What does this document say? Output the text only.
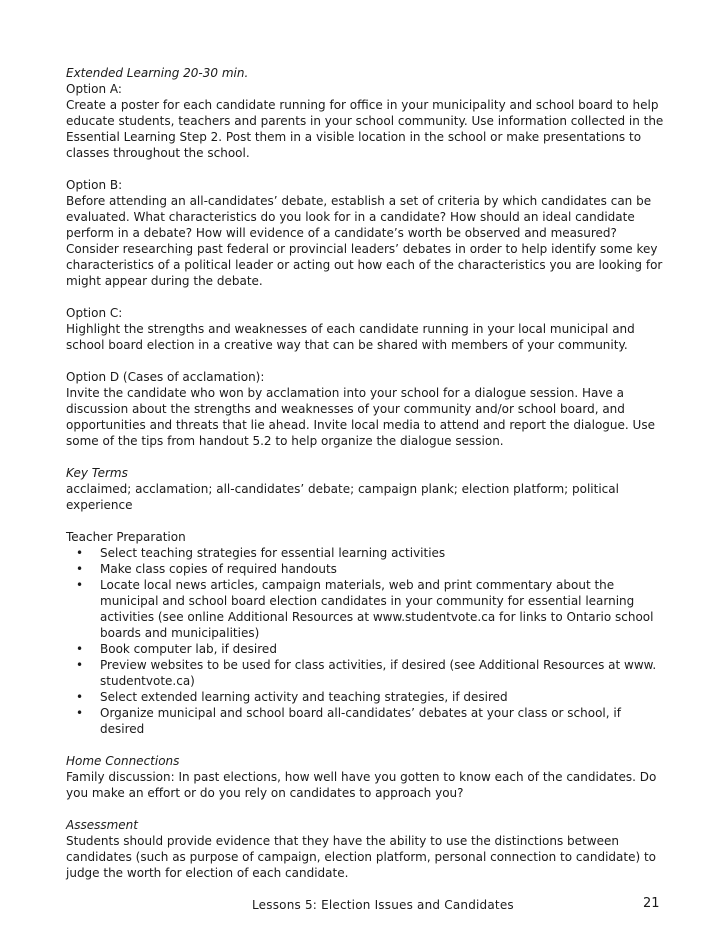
Extended Learning 20-30 min.

Option A:

Create a poster for each candidate running for office in your municipality and school board to help educate students, teachers and parents in your school community. Use information collected in the Essential Learning Step 2. Post them in a visible location in the school or make presentations to classes throughout the school.

Option B:

Before attending an all-candidates’ debate, establish a set of criteria by which candidates can be evaluated. What characteristics do you look for in a candidate? How should an ideal candidate perform in a debate? How will evidence of a candidate’s worth be observed and measured? Consider researching past federal or provincial leaders’ debates in order to help identify some key characteristics of a political leader or acting out how each of the characteristics you are looking for might appear during the debate.

Option C:

Highlight the strengths and weaknesses of each candidate running in your local municipal and school board election in a creative way that can be shared with members of your community.

Option D (Cases of acclamation):

Invite the candidate who won by acclamation into your school for a dialogue session. Have a discussion about the strengths and weaknesses of your community and/or school board, and opportunities and threats that lie ahead. Invite local media to attend and report the dialogue. Use some of the tips from handout 5.2 to help organize the dialogue session.

Key Terms

acclaimed; acclamation; all-candidates’ debate; campaign plank; election platform; political experience

Teacher Preparation

• Select teaching strategies for essential learning activities
• Make class copies of required handouts
• Locate local news articles, campaign materials, web and print commentary about the municipal and school board election candidates in your community for essential learning activities (see online Additional Resources at www.studentvote.ca for links to Ontario school boards and municipalities)
• Book computer lab, if desired
• Preview websites to be used for class activities, if desired (see Additional Resources at www. studentvote.ca)
• Select extended learning activity and teaching strategies, if desired
• Organize municipal and school board all-candidates’ debates at your class or school, if desired

Home Connections

Family discussion: In past elections, how well have you gotten to know each of the candidates. Do you make an effort or do you rely on candidates to approach you?

Assessment

Students should provide evidence that they have the ability to use the distinctions between candidates (such as purpose of campaign, election platform, personal connection to candidate) to judge the worth for election of each candidate.

Lessons 5: Election Issues and Candidates	21
